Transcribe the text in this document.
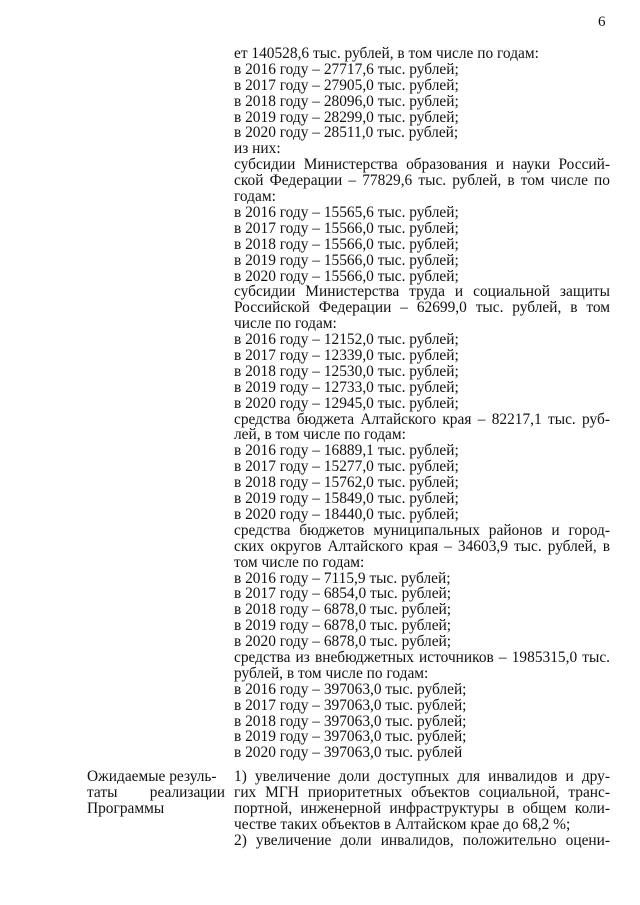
6
ет 140528,6 тыс. рублей, в том числе по годам:
в 2016 году – 27717,6 тыс. рублей;
в 2017 году – 27905,0 тыс. рублей;
в 2018 году – 28096,0 тыс. рублей;
в 2019 году – 28299,0 тыс. рублей;
в 2020 году – 28511,0 тыс. рублей;
из них:
субсидии Министерства образования и науки Россий-
ской Федерации – 77829,6 тыс. рублей, в том числе по
годам:
в 2016 году – 15565,6 тыс. рублей;
в 2017 году – 15566,0 тыс. рублей;
в 2018 году – 15566,0 тыс. рублей;
в 2019 году – 15566,0 тыс. рублей;
в 2020 году – 15566,0 тыс. рублей;
субсидии Министерства труда и социальной защиты
Российской Федерации – 62699,0 тыс. рублей, в том
числе по годам:
в 2016 году – 12152,0 тыс. рублей;
в 2017 году – 12339,0 тыс. рублей;
в 2018 году – 12530,0 тыс. рублей;
в 2019 году – 12733,0 тыс. рублей;
в 2020 году – 12945,0 тыс. рублей;
средства бюджета Алтайского края – 82217,1 тыс. руб-
лей, в том числе по годам:
в 2016 году – 16889,1 тыс. рублей;
в 2017 году – 15277,0 тыс. рублей;
в 2018 году – 15762,0 тыс. рублей;
в 2019 году – 15849,0 тыс. рублей;
в 2020 году – 18440,0 тыс. рублей;
средства бюджетов муниципальных районов и город-
ских округов Алтайского края – 34603,9 тыс. рублей, в
том числе по годам:
в 2016 году – 7115,9 тыс. рублей;
в 2017 году – 6854,0 тыс. рублей;
в 2018 году – 6878,0 тыс. рублей;
в 2019 году – 6878,0 тыс. рублей;
в 2020 году – 6878,0 тыс. рублей;
средства из внебюджетных источников – 1985315,0 тыс.
рублей, в том числе по годам:
в 2016 году – 397063,0 тыс. рублей;
в 2017 году – 397063,0 тыс. рублей;
в 2018 году – 397063,0 тыс. рублей;
в 2019 году – 397063,0 тыс. рублей;
в 2020 году – 397063,0 тыс. рублей
Ожидаемые резуль-
таты реализации
Программы
1) увеличение доли доступных для инвалидов и дру-
гих МГН приоритетных объектов социальной, транс-
портной, инженерной инфраструктуры в общем коли-
честве таких объектов в Алтайском крае до 68,2 %;
2) увеличение доли инвалидов, положительно оцени-
